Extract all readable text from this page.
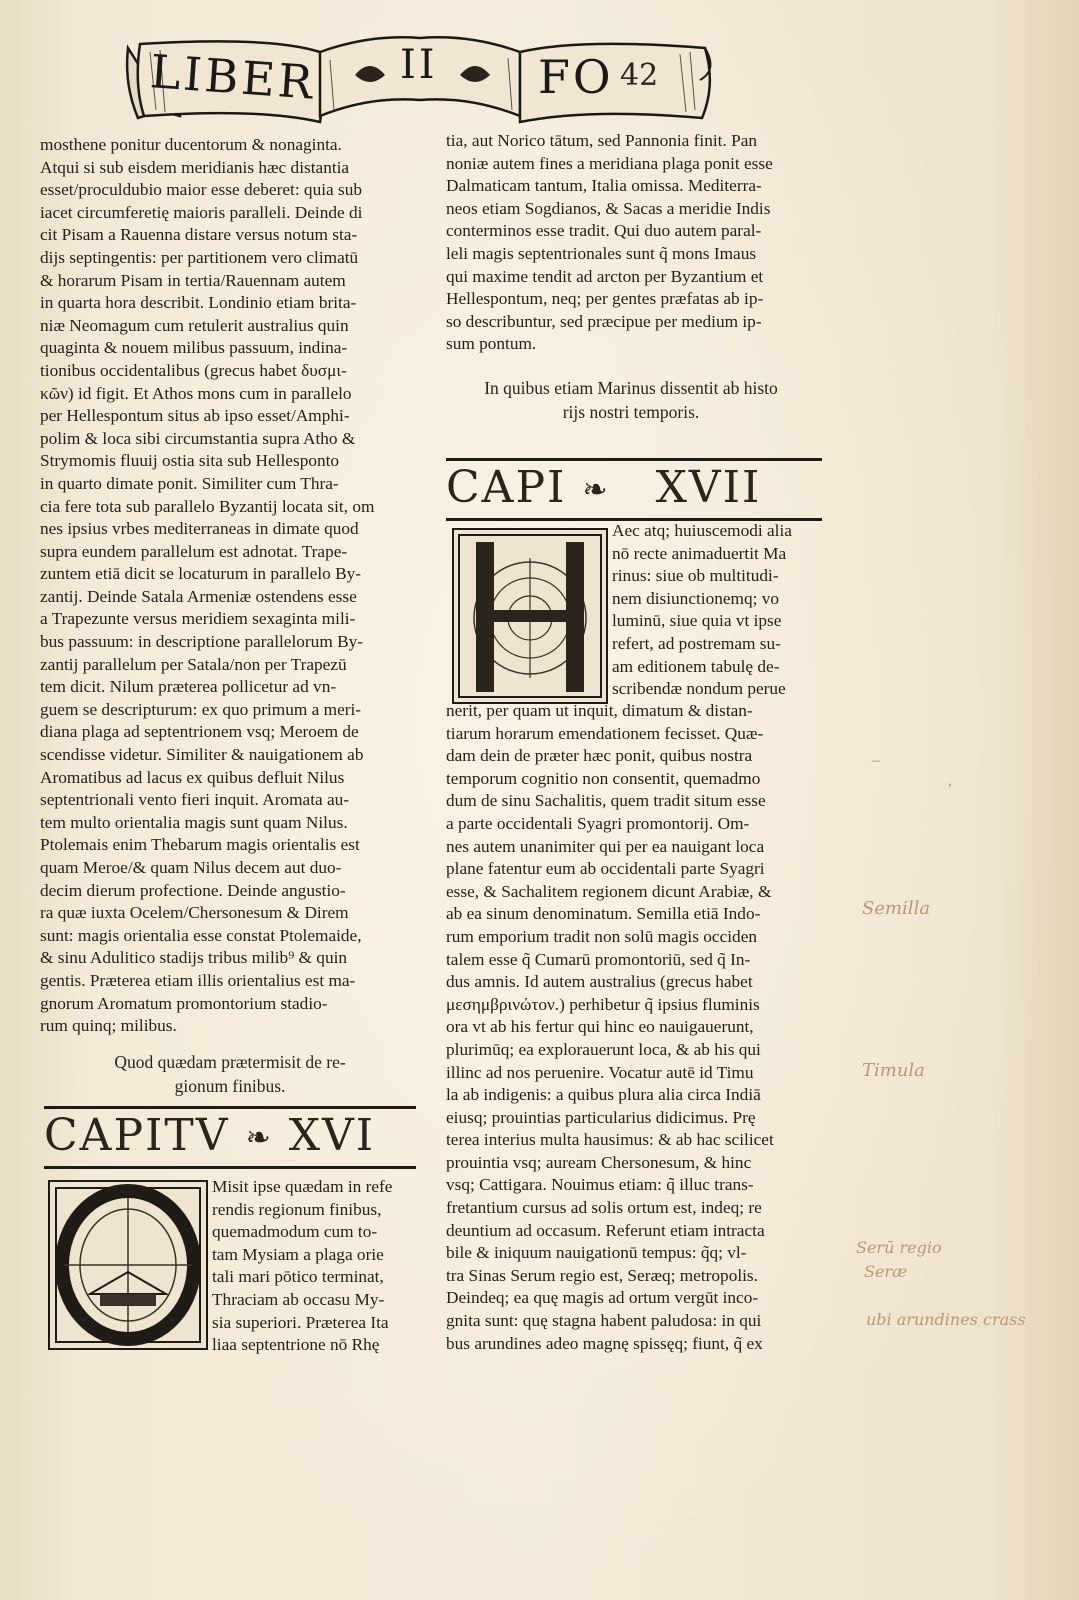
LIBER II FO 42
mosthene ponitur ducentorum & nonaginta.
Atqui si sub eisdem meridianis hæc distantia
esset/proculdubio maior esse deberet: quia sub
iacet circumferetię maioris paralleli. Deinde di
cit Pisam a Rauenna distare versus notum sta-
dijs septingentis: per partitionem vero climatū
& horarum Pisam in tertia/Rauennam autem
in quarta hora describit. Londinio etiam brita-
niæ Neomagum cum retulerit australius quin
quaginta & nouem milibus passuum, indina-
tionibus occidentalibus (grecus habet δυσμι-
κῶν) id figit. Et Athos mons cum in parallelo
per Hellespontum situs ab ipso esset/Amphi-
polim & loca sibi circumstantia supra Atho &
Strymomis fluuij ostia sita sub Hellesponto
in quarto dimate ponit. Similiter cum Thra-
cia fere tota sub parallelo Byzantij locata sit, om
nes ipsius vrbes mediterraneas in dimate quod
supra eundem parallelum est adnotat. Trape-
zuntem etiā dicit se locaturum in parallelo By-
zantij. Deinde Satala Armeniæ ostendens esse
a Trapezunte versus meridiem sexaginta mili-
bus passuum: in descriptione parallelorum By-
zantij parallelum per Satala/non per Trapezū
tem dicit. Nilum præterea pollicetur ad vn-
guem se descripturum: ex quo primum a meri-
diana plaga ad septentrionem vsq; Meroem de
scendisse videtur. Similiter & nauigationem ab
Aromatibus ad lacus ex quibus defluit Nilus
septentrionali vento fieri inquit. Aromata au-
tem multo orientalia magis sunt quam Nilus.
Ptolemais enim Thebarum magis orientalis est
quam Meroe/& quam Nilus decem aut duo-
decim dierum profectione. Deinde angustio-
ra quæ iuxta Ocelem/Chersonesum & Direm
sunt: magis orientalia esse constat Ptolemaide,
& sinu Adulitico stadijs tribus milib⁹ & quin
gentis. Præterea etiam illis orientalius est ma-
gnorum Aromatum promontorium stadio-
rum quinq; milibus.
Quod quædam prætermisit de re-
gionum finibus.
CAPITV ❧ XVI
Misit ipse quædam in refe
rendis regionum finibus,
quemadmodum cum to-
tam Mysiam a plaga orie
tali mari pōtico terminat,
Thraciam ab occasu My-
sia superiori. Præterea Ita
liaa septentrione nō Rhę
tia, aut Norico tātum, sed Pannonia finit. Pan
noniæ autem fines a meridiana plaga ponit esse
Dalmaticam tantum, Italia omissa. Mediterra-
neos etiam Sogdianos, & Sacas a meridie Indis
conterminos esse tradit. Qui duo autem paral-
leli magis septentrionales sunt q̃ mons Imaus
qui maxime tendit ad arcton per Byzantium et
Hellespontum, neq; per gentes præfatas ab ip-
so describuntur, sed præcipue per medium ip-
sum pontum.
In quibus etiam Marinus dissentit ab histo
rijs nostri temporis.
CAPI ❧ XVII
Aec atq; huiuscemodi alia
nō recte animaduertit Ma
rinus: siue ob multitudi-
nem disiunctionemq; vo
luminū, siue quia vt ipse
refert, ad postremam su-
am editionem tabulę de-
scribendæ nondum perue
nerit, per quam ut inquit, dimatum & distan-
tiarum horarum emendationem fecisset. Quæ-
dam dein de præter hæc ponit, quibus nostra
temporum cognitio non consentit, quemadmo
dum de sinu Sachalitis, quem tradit situm esse
a parte occidentali Syagri promontorij. Om-
nes autem unanimiter qui per ea nauigant loca
plane fatentur eum ab occidentali parte Syagri
esse, & Sachalitem regionem dicunt Arabiæ, &
ab ea sinum denominatum. Semilla etiā Indo-
rum emporium tradit non solū magis occiden
talem esse q̃ Cumarū promontoriū, sed q̃ In-
dus amnis. Id autem australius (grecus habet
μεσημβρινώτον.) perhibetur q̃ ipsius fluminis
ora vt ab his fertur qui hinc eo nauigauerunt,
plurimūq; ea explorauerunt loca, & ab his qui
illinc ad nos peruenire. Vocatur autē id Timu
la ab indigenis: a quibus plura alia circa Indiā
eiusq; prouintias particularius didicimus. Prę
terea interius multa hausimus: & ab hac scilicet
prouintia vsq; auream Chersonesum, & hinc
vsq; Cattigara. Nouimus etiam: q̃ illuc trans-
fretantium cursus ad solis ortum est, indeq; re
deuntium ad occasum. Referunt etiam intracta
bile & iniquum nauigationū tempus: q̃q; vl-
tra Sinas Serum regio est, Seræq; metropolis.
Deindeq; ea quę magis ad ortum vergūt inco-
gnita sunt: quę stagna habent paludosa: in qui
bus arundines adeo magnę spissęq; fiunt, q̃ ex
Semilla
Timula
Serū regio
Seræ
ubi arundines crass
–
,
